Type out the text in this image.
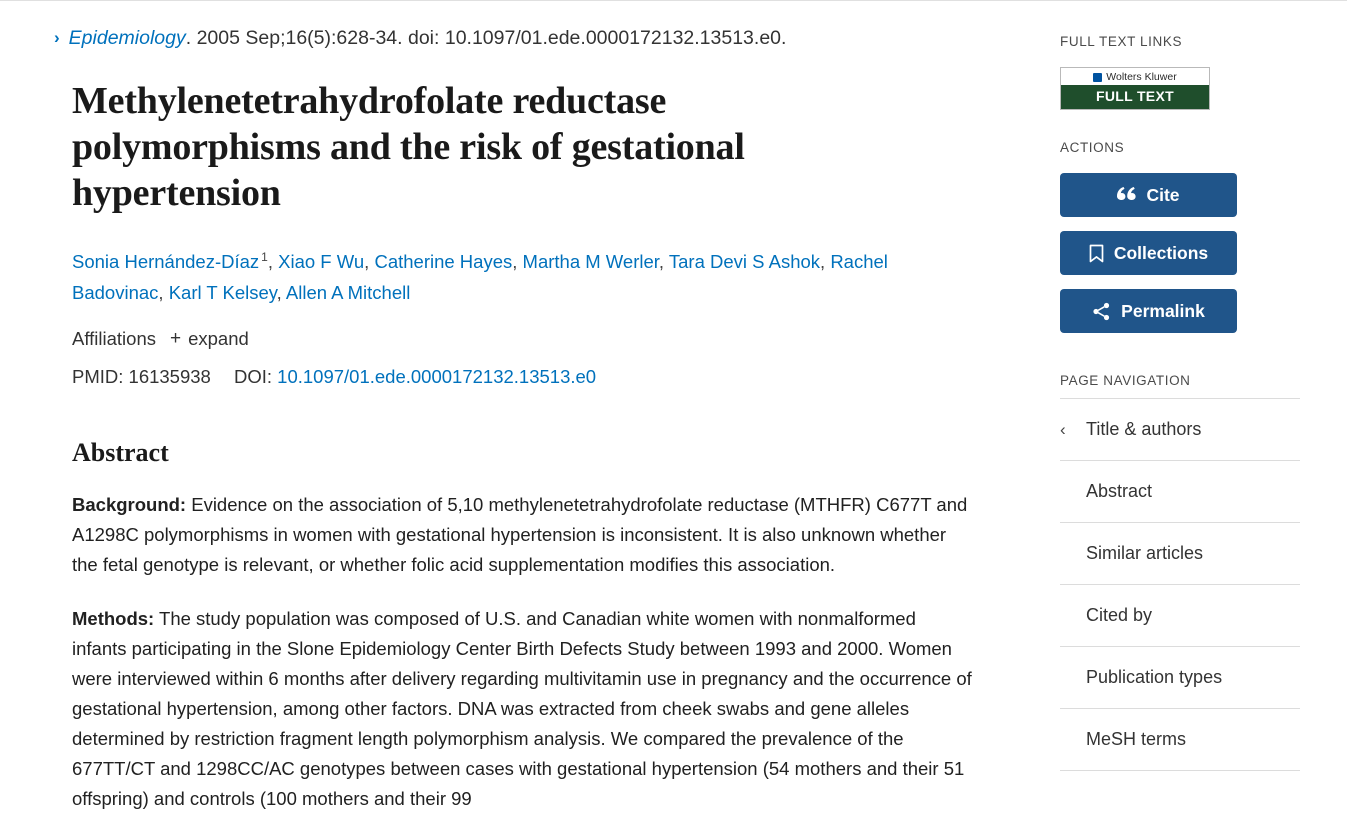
› Epidemiology. 2005 Sep;16(5):628-34. doi: 10.1097/01.ede.0000172132.13513.e0.
Methylenetetrahydrofolate reductase polymorphisms and the risk of gestational hypertension
Sonia Hernández-Díaz $^1$, Xiao F Wu, Catherine Hayes, Martha M Werler, Tara Devi S Ashok, Rachel Badovinac, Karl T Kelsey, Allen A Mitchell
Affiliations + expand
PMID: 16135938 DOI: 10.1097/01.ede.0000172132.13513.e0
Abstract

Background: Evidence on the association of 5,10 methylenetetrahydrofolate reductase (MTHFR) C677T and A1298C polymorphisms in women with gestational hypertension is inconsistent. It is also unknown whether the fetal genotype is relevant, or whether folic acid supplementation modifies this association.

Methods: The study population was composed of U.S. and Canadian white women with nonmalformed infants participating in the Slone Epidemiology Center Birth Defects Study between 1993 and 2000. Women were interviewed within 6 months after delivery regarding multivitamin use in pregnancy and the occurrence of gestational hypertension, among other factors. DNA was extracted from cheek swabs and gene alleles determined by restriction fragment length polymorphism analysis. We compared the prevalence of the 677TT/CT and 1298CC/AC genotypes between cases with gestational hypertension (54 mothers and their 51 offspring) and controls (100 mothers and their 99

FULL TEXT LINKS
Wolters Kluwer
FULL TEXT
ACTIONS
Cite
Collections
Permalink
PAGE NAVIGATION
‹ Title & authors
Abstract
Similar articles
Cited by
Publication types
MeSH terms
